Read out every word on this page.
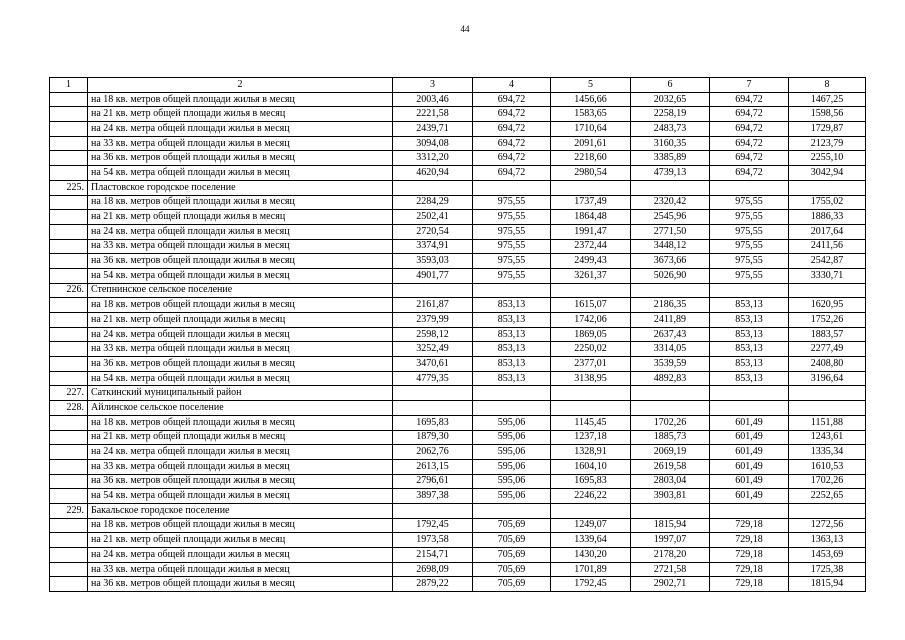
44
1	2	3	4	5	6	7	8
	на 18 кв. метров общей площади жилья в месяц	2003,46	694,72	1456,66	2032,65	694,72	1467,25
	на 21 кв. метр общей площади жилья в месяц	2221,58	694,72	1583,65	2258,19	694,72	1598,56
	на 24 кв. метра общей площади жилья в месяц	2439,71	694,72	1710,64	2483,73	694,72	1729,87
	на 33 кв. метра общей площади жилья в месяц	3094,08	694,72	2091,61	3160,35	694,72	2123,79
	на 36 кв. метров общей площади жилья в месяц	3312,20	694,72	2218,60	3385,89	694,72	2255,10
	на 54 кв. метра общей площади жилья в месяц	4620,94	694,72	2980,54	4739,13	694,72	3042,94
225.	Пластовское городское поселение						
	на 18 кв. метров общей площади жилья в месяц	2284,29	975,55	1737,49	2320,42	975,55	1755,02
	на 21 кв. метр общей площади жилья в месяц	2502,41	975,55	1864,48	2545,96	975,55	1886,33
	на 24 кв. метра общей площади жилья в месяц	2720,54	975,55	1991,47	2771,50	975,55	2017,64
	на 33 кв. метра общей площади жилья в месяц	3374,91	975,55	2372,44	3448,12	975,55	2411,56
	на 36 кв. метров общей площади жилья в месяц	3593,03	975,55	2499,43	3673,66	975,55	2542,87
	на 54 кв. метра общей площади жилья в месяц	4901,77	975,55	3261,37	5026,90	975,55	3330,71
226.	Степнинское сельское поселение						
	на 18 кв. метров общей площади жилья в месяц	2161,87	853,13	1615,07	2186,35	853,13	1620,95
	на 21 кв. метр общей площади жилья в месяц	2379,99	853,13	1742,06	2411,89	853,13	1752,26
	на 24 кв. метра общей площади жилья в месяц	2598,12	853,13	1869,05	2637,43	853,13	1883,57
	на 33 кв. метра общей площади жилья в месяц	3252,49	853,13	2250,02	3314,05	853,13	2277,49
	на 36 кв. метров общей площади жилья в месяц	3470,61	853,13	2377,01	3539,59	853,13	2408,80
	на 54 кв. метра общей площади жилья в месяц	4779,35	853,13	3138,95	4892,83	853,13	3196,64
227.	Саткинский муниципальный район						
228.	Айлинское сельское поселение						
	на 18 кв. метров общей площади жилья в месяц	1695,83	595,06	1145,45	1702,26	601,49	1151,88
	на 21 кв. метр общей площади жилья в месяц	1879,30	595,06	1237,18	1885,73	601,49	1243,61
	на 24 кв. метра общей площади жилья в месяц	2062,76	595,06	1328,91	2069,19	601,49	1335,34
	на 33 кв. метра общей площади жилья в месяц	2613,15	595,06	1604,10	2619,58	601,49	1610,53
	на 36 кв. метров общей площади жилья в месяц	2796,61	595,06	1695,83	2803,04	601,49	1702,26
	на 54 кв. метра общей площади жилья в месяц	3897,38	595,06	2246,22	3903,81	601,49	2252,65
229.	Бакальское городское поселение						
	на 18 кв. метров общей площади жилья в месяц	1792,45	705,69	1249,07	1815,94	729,18	1272,56
	на 21 кв. метр общей площади жилья в месяц	1973,58	705,69	1339,64	1997,07	729,18	1363,13
	на 24 кв. метра общей площади жилья в месяц	2154,71	705,69	1430,20	2178,20	729,18	1453,69
	на 33 кв. метра общей площади жилья в месяц	2698,09	705,69	1701,89	2721,58	729,18	1725,38
	на 36 кв. метров общей площади жилья в месяц	2879,22	705,69	1792,45	2902,71	729,18	1815,94
